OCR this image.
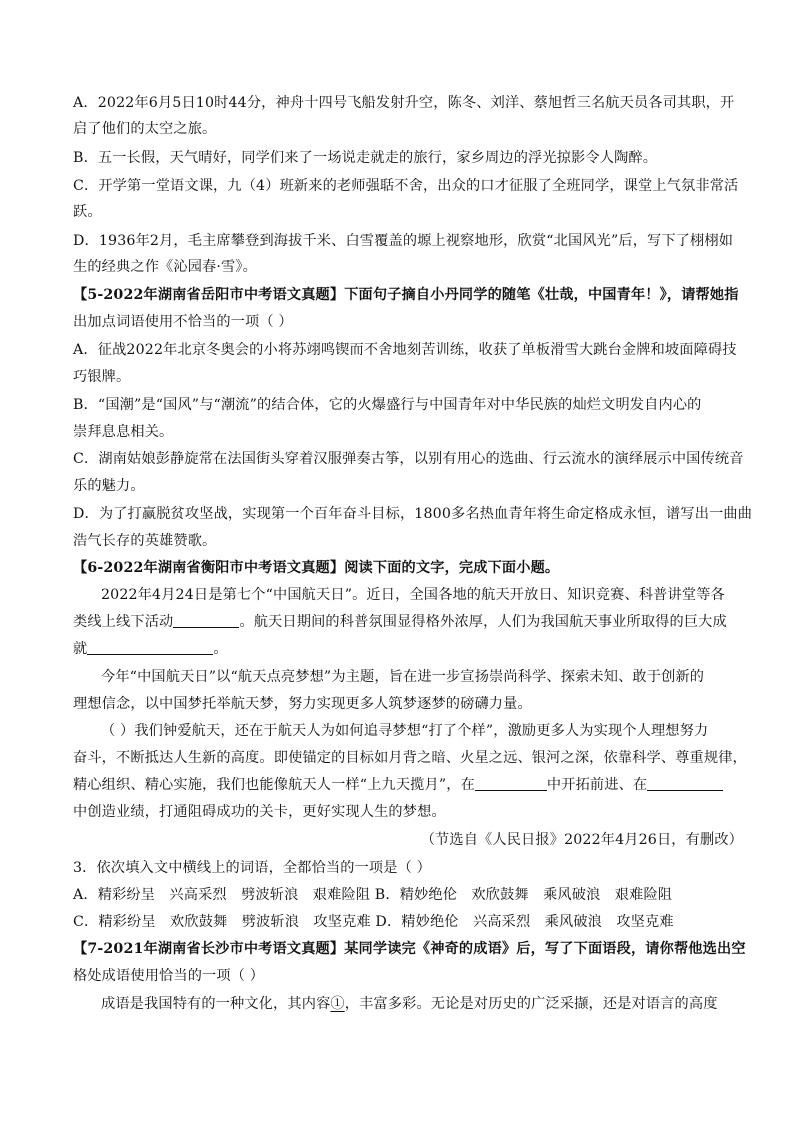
A．2022年6月5日10时44分，神舟十四号飞船发射升空，陈冬、刘洋、蔡旭哲三名航天员各司其职，开
启了他们的太空之旅。
B．五一长假，天气晴好，同学们来了一场说走就走的旅行，家乡周边的浮光掠影令人陶醉。
C．开学第一堂语文课，九（4）班新来的老师强聒不舍，出众的口才征服了全班同学，课堂上气氛非常活
跃。
D．1936年2月，毛主席攀登到海拔千米、白雪覆盖的塬上视察地形，欣赏“北国风光”后，写下了栩栩如
生的经典之作《沁园春·雪》。
【5-2022年湖南省岳阳市中考语文真题】下面句子摘自小丹同学的随笔《壮哉，中国青年！》，请帮她指
出加点词语使用不恰当的一项（ ）
A．征战2022年北京冬奥会的小将苏翊鸣锲而不舍地刻苦训练，收获了单板滑雪大跳台金牌和坡面障碍技
巧银牌。
B．“国潮”是“国风”与“潮流”的结合体，它的火爆盛行与中国青年对中华民族的灿烂文明发自内心的
崇拜息息相关。
C．湖南姑娘彭静旋常在法国街头穿着汉服弹奏古筝，以别有用心的选曲、行云流水的演绎展示中国传统音
乐的魅力。
D．为了打赢脱贫攻坚战，实现第一个百年奋斗目标，1800多名热血青年将生命定格成永恒，谱写出一曲曲
浩气长存的英雄赞歌。
【6-2022年湖南省衡阳市中考语文真题】阅读下面的文字，完成下面小题。
2022年4月24日是第七个“中国航天日”。近日，全国各地的航天开放日、知识竞赛、科普讲堂等各
类线上线下活动	。航天日期间的科普氛围显得格外浓厚，人们为我国航天事业所取得的巨大成
就	。
今年“中国航天日”以“航天点亮梦想”为主题，旨在进一步宣扬崇尚科学、探索未知、敢于创新的
理想信念，以中国梦托举航天梦，努力实现更多人筑梦逐梦的磅礴力量。
（ ）我们钟爱航天，还在于航天人为如何追寻梦想“打了个样”，激励更多人为实现个人理想努力
奋斗，不断抵达人生新的高度。即使锚定的目标如月背之暗、火星之远、银河之深，依靠科学、尊重规律，
精心组织、精心实施，我们也能像航天人一样“上九天揽月”，在	中开拓前进、在
中创造业绩，打通阻碍成功的关卡，更好实现人生的梦想。
（节选自《人民日报》2022年4月26日，有删改）
3．依次填入文中横线上的词语，全都恰当的一项是（ ）
A．精彩纷呈　兴高采烈　劈波斩浪　艰难险阻 B．精妙绝伦　欢欣鼓舞　乘风破浪　艰难险阻
C．精彩纷呈　欢欣鼓舞　劈波斩浪　攻坚克难 D．精妙绝伦　兴高采烈　乘风破浪　攻坚克难
【7-2021年湖南省长沙市中考语文真题】某同学读完《神奇的成语》后，写了下面语段，请你帮他选出空
格处成语使用恰当的一项（ ）
成语是我国特有的一种文化，其内容①，丰富多彩。无论是对历史的广泛采撷，还是对语言的高度
